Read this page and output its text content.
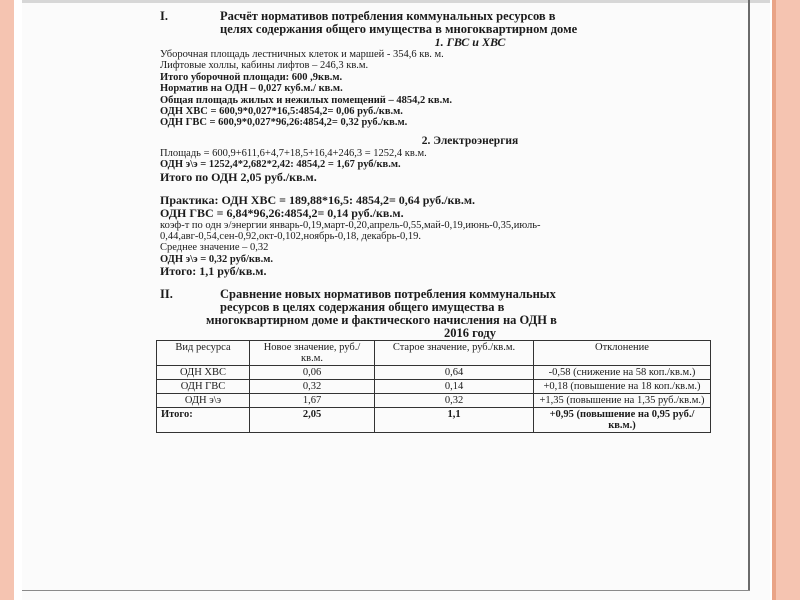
I.	Расчёт нормативов потребления коммунальных ресурсов в
целях содержания общего имущества в многоквартирном доме
1. ГВС и ХВС
Уборочная площадь лестничных клеток и маршей - 354,6 кв. м.
Лифтовые холлы, кабины лифтов – 246,3 кв.м.
Итого уборочной площади: 600 ,9кв.м.
Норматив на ОДН – 0,027 куб.м./ кв.м.
Общая площадь жилых и нежилых помещений – 4854,2 кв.м.
ОДН ХВС = 600,9*0,027*16,5:4854,2= 0,06 руб./кв.м.
ОДН ГВС = 600,9*0,027*96,26:4854,2= 0,32 руб./кв.м.
2. Электроэнергия
Площадь = 600,9+611,6+4,7+18,5+16,4+246,3 = 1252,4 кв.м.
ОДН э\э = 1252,4*2,682*2,42: 4854,2 = 1,67 руб/кв.м.
Итого по ОДН 2,05 руб./кв.м.
Практика: ОДН ХВС = 189,88*16,5: 4854,2= 0,64 руб./кв.м.
ОДН ГВС = 6,84*96,26:4854,2= 0,14 руб./кв.м.
коэф-т по одн э/энергии январь-0,19,март-0,20,апрель-0,55,май-0,19,июнь-0,35,июль-
0,44,авг-0,54,сен-0,92,окт-0,102,ноябрь-0,18, декабрь-0,19.
Среднее значение – 0,32
ОДН э\э = 0,32 руб/кв.м.
Итого: 1,1 руб/кв.м.
II.	Сравнение новых нормативов потребления коммунальных
ресурсов в целях содержания общего имущества в
многоквартирном доме и фактического начисления на ОДН в
2016 году
Вид ресурса	Новое значение, руб./кв.м.	Старое значение, руб./кв.м.	Отклонение
ОДН ХВС	0,06	0,64	-0,58 (снижение на 58 коп./кв.м.)
ОДН ГВС	0,32	0,14	+0,18 (повышение на 18 коп./кв.м.)
ОДН э\э	1,67	0,32	+1,35 (повышение на 1,35 руб./кв.м.)
Итого:	2,05	1,1	+0,95 (повышение на 0,95 руб./кв.м.)
